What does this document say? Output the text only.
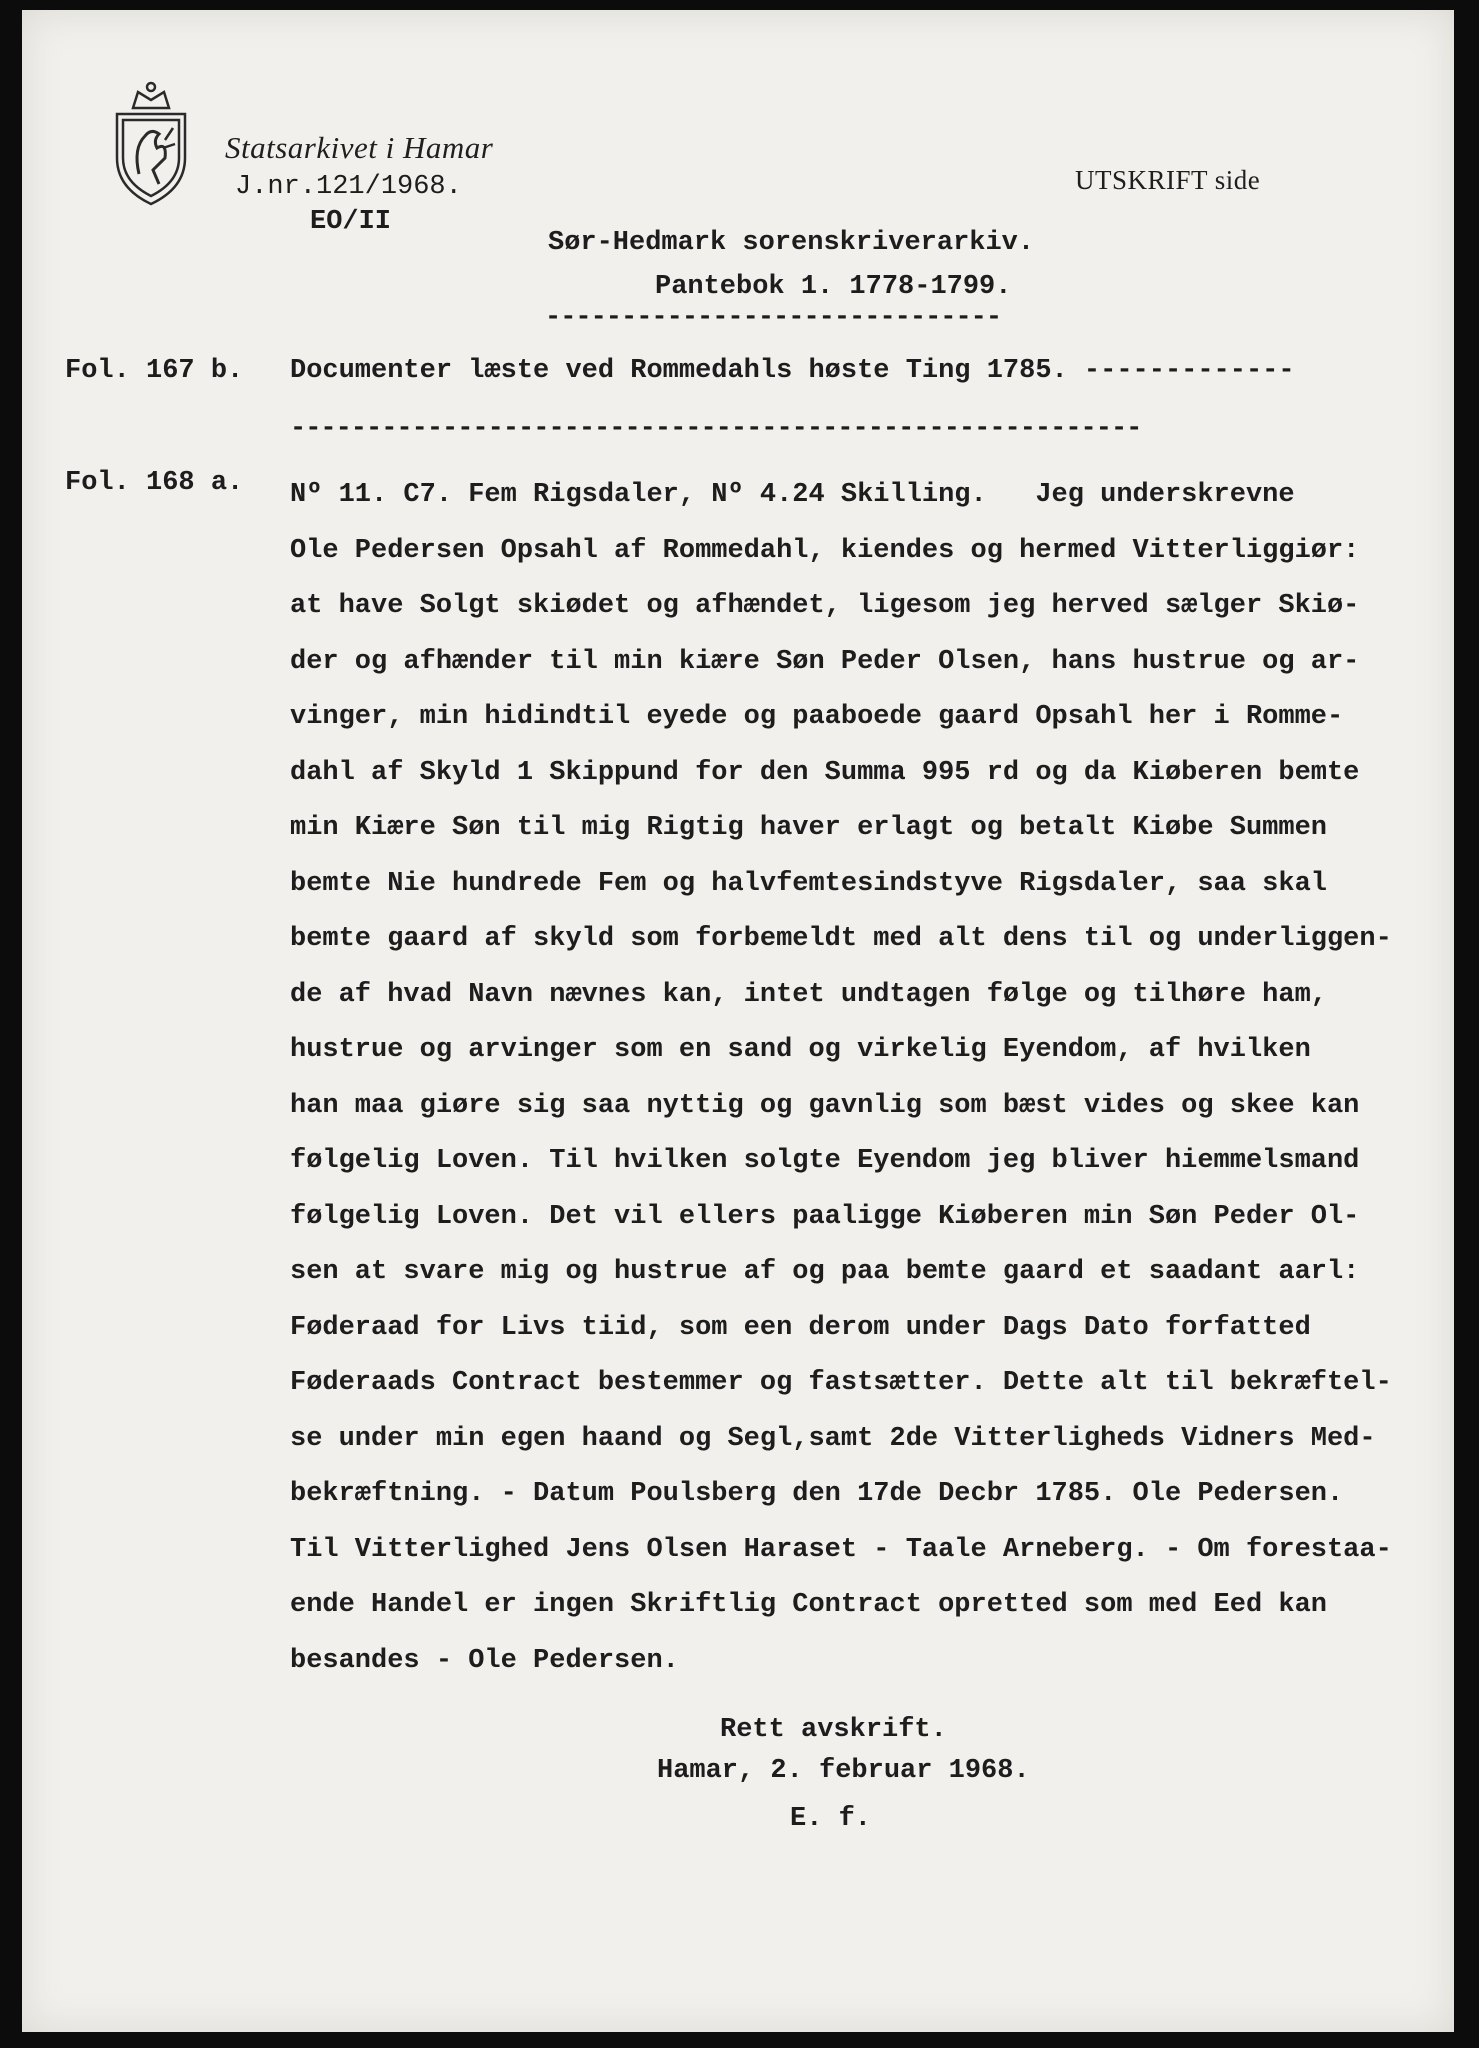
Statsarkivet i Hamar
J.nr.121/1968.
EO/II
UTSKRIFT side
Sør-Hedmark sorenskriverarkiv.
Pantebok 1. 1778-1799.
------------------------------
Fol. 167 b. Documenter læste ved Rommedahls høste Ting 1785. -------------
--------------------------------------------------------
Fol. 168 a. Nº 11. C7. Fem Rigsdaler, Nº 4.24 Skilling.   Jeg underskrevne
Ole Pedersen Opsahl af Rommedahl, kiendes og hermed Vitterliggiør:
at have Solgt skiødet og afhændet, ligesom jeg herved sælger Skiø-
der og afhænder til min kiære Søn Peder Olsen, hans hustrue og ar-
vinger, min hidindtil eyede og paaboede gaard Opsahl her i Romme-
dahl af Skyld 1 Skippund for den Summa 995 rd og da Kiøberen bemte
min Kiære Søn til mig Rigtig haver erlagt og betalt Kiøbe Summen
bemte Nie hundrede Fem og halvfemtesindstyve Rigsdaler, saa skal
bemte gaard af skyld som forbemeldt med alt dens til og underliggen-
de af hvad Navn nævnes kan, intet undtagen følge og tilhøre ham,
hustrue og arvinger som en sand og virkelig Eyendom, af hvilken
han maa giøre sig saa nyttig og gavnlig som bæst vides og skee kan
følgelig Loven. Til hvilken solgte Eyendom jeg bliver hiemmelsmand
følgelig Loven. Det vil ellers paaligge Kiøberen min Søn Peder Ol-
sen at svare mig og hustrue af og paa bemte gaard et saadant aarl:
Føderaad for Livs tiid, som een derom under Dags Dato forfatted
Føderaads Contract bestemmer og fastsætter. Dette alt til bekræftel-
se under min egen haand og Segl,samt 2de Vitterligheds Vidners Med-
bekræftning. - Datum Poulsberg den 17de Decbr 1785. Ole Pedersen.
Til Vitterlighed Jens Olsen Haraset - Taale Arneberg. - Om forestaa-
ende Handel er ingen Skriftlig Contract opretted som med Eed kan
besandes - Ole Pedersen.
Rett avskrift.
Hamar, 2. februar 1968.
E. f.
